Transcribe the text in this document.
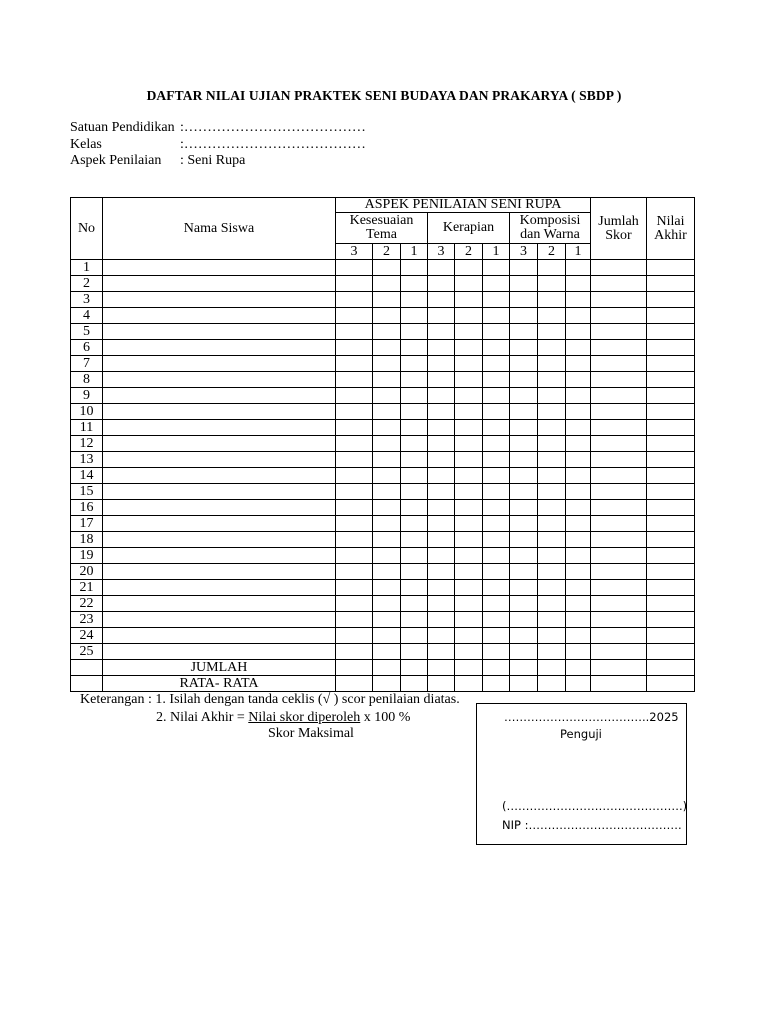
DAFTAR NILAI UJIAN PRAKTEK SENI BUDAYA DAN PRAKARYA ( SBDP )
Satuan Pendidikan :…………………………………
Kelas	:…………………………………
Aspek Penilaian : Seni Rupa
No	Nama Siswa	ASPEK PENILAIAN SENI RUPA									Jumlah Skor	Nilai Akhir
		Kesesuaian Tema			Kerapian			Komposisi dan Warna				
		3	2	1	3	2	1	3	2	1		
1												
2												
3												
4												
5												
6												
7												
8												
9												
10												
11												
12												
13												
14												
15												
16												
17												
18												
19												
20												
21												
22												
23												
24												
25												
	JUMLAH											
	RATA- RATA											
Keterangan : 1. Isilah dengan tanda ceklis (√ ) scor penilaian diatas.
2. Nilai Akhir = Nilai skor diperoleh x 100 %
Skor Maksimal
………………………………..2025
Penguji
(……………………………………….)
NIP :………………………………….
